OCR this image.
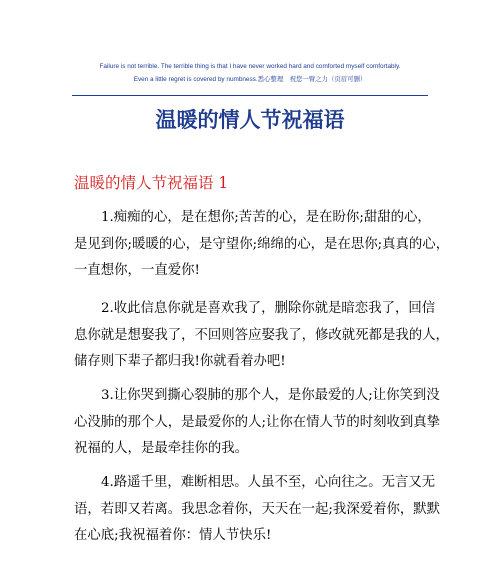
Failure is not terrible. The terrible thing is that I have never worked hard and comforted myself comfortably.
Even a little regret is covered by numbness.悉心整理　祝您一臂之力（页眉可删）
温暖的情人节祝福语
温暖的情人节祝福语 1
1.痴痴的心，是在想你;苦苦的心，是在盼你;甜甜的心，
是见到你;暖暖的心，是守望你;绵绵的心，是在思你;真真的心，
一直想你，一直爱你!
2.收此信息你就是喜欢我了，删除你就是暗恋我了，回信
息你就是想娶我了，不回则答应娶我了，修改就死都是我的人，
储存则下辈子都归我!你就看着办吧!
3.让你哭到撕心裂肺的那个人，是你最爱的人;让你笑到没
心没肺的那个人，是最爱你的人;让你在情人节的时刻收到真挚
祝福的人，是最牵挂你的我。
4.路遥千里，难断相思。人虽不至，心向往之。无言又无
语，若即又若离。我思念着你，天天在一起;我深爱着你，默默
在心底;我祝福着你：情人节快乐!
